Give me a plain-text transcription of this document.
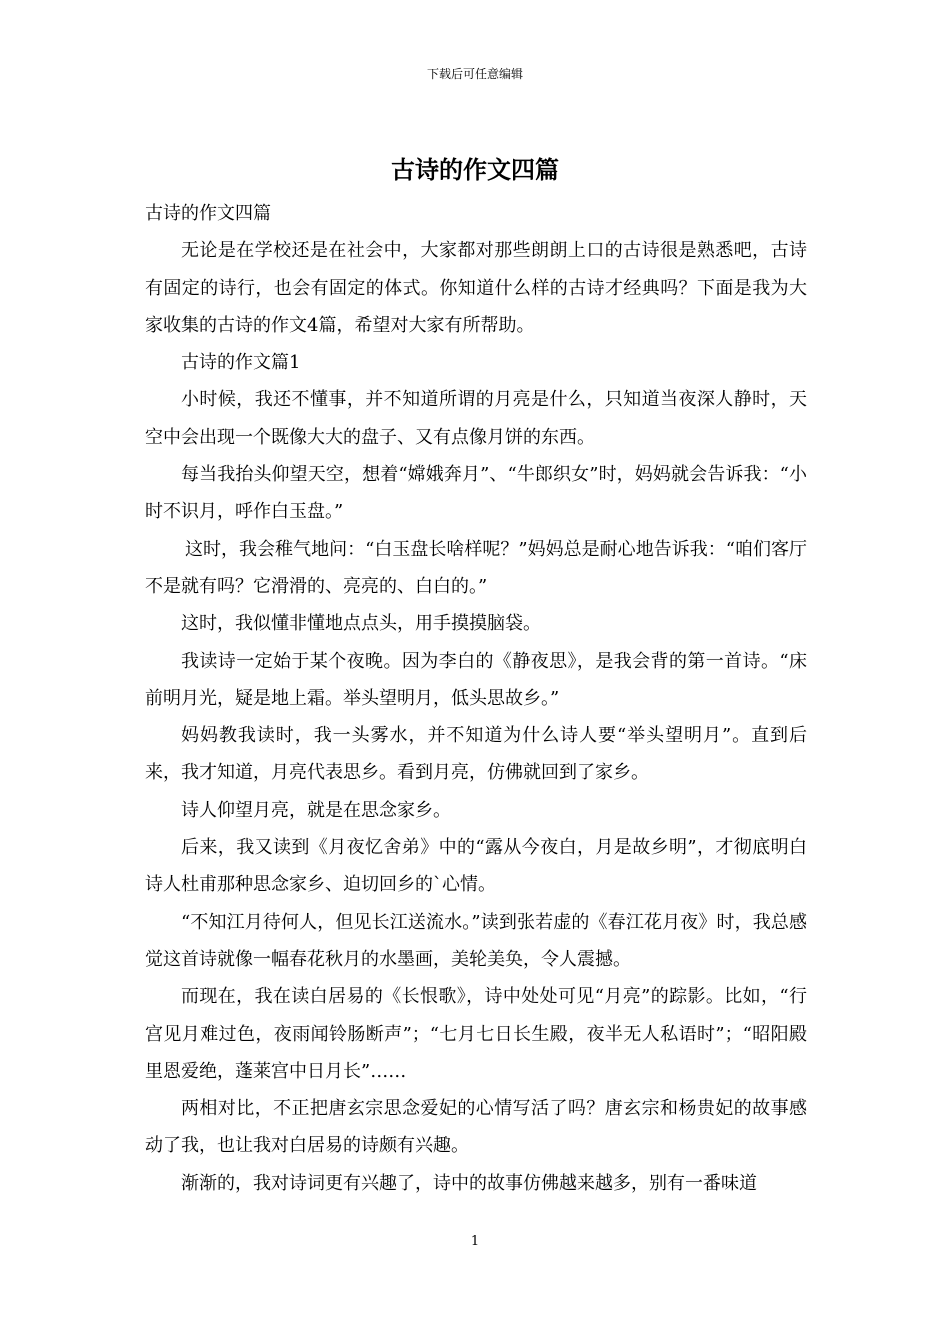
下载后可任意编辑
古诗的作文四篇

古诗的作文四篇

无论是在学校还是在社会中，大家都对那些朗朗上口的古诗很是熟悉吧，古诗有固定的诗行，也会有固定的体式。你知道什么样的古诗才经典吗？下面是我为大家收集的古诗的作文4篇，希望对大家有所帮助。

古诗的作文篇1

小时候，我还不懂事，并不知道所谓的月亮是什么，只知道当夜深人静时，天空中会出现一个既像大大的盘子、又有点像月饼的东西。

每当我抬头仰望天空，想着“嫦娥奔月”、“牛郎织女”时，妈妈就会告诉我：“小时不识月，呼作白玉盘。”

这时，我会稚气地问：“白玉盘长啥样呢？”妈妈总是耐心地告诉我：“咱们客厅不是就有吗？它滑滑的、亮亮的、白白的。”

这时，我似懂非懂地点点头，用手摸摸脑袋。

我读诗一定始于某个夜晚。因为李白的《静夜思》，是我会背的第一首诗。“床前明月光，疑是地上霜。举头望明月，低头思故乡。”

妈妈教我读时，我一头雾水，并不知道为什么诗人要“举头望明月”。直到后来，我才知道，月亮代表思乡。看到月亮，仿佛就回到了家乡。

诗人仰望月亮，就是在思念家乡。

后来，我又读到《月夜忆舍弟》中的“露从今夜白，月是故乡明”，才彻底明白诗人杜甫那种思念家乡、迫切回乡的`心情。

“不知江月待何人，但见长江送流水。”读到张若虚的《春江花月夜》时，我总感觉这首诗就像一幅春花秋月的水墨画，美轮美奂，令人震撼。

而现在，我在读白居易的《长恨歌》，诗中处处可见“月亮”的踪影。比如，“行宫见月难过色，夜雨闻铃肠断声”；“七月七日长生殿，夜半无人私语时”；“昭阳殿里恩爱绝，蓬莱宫中日月长”……

两相对比，不正把唐玄宗思念爱妃的心情写活了吗？唐玄宗和杨贵妃的故事感动了我，也让我对白居易的诗颇有兴趣。

渐渐的，我对诗词更有兴趣了，诗中的故事仿佛越来越多，别有一番味道

1
